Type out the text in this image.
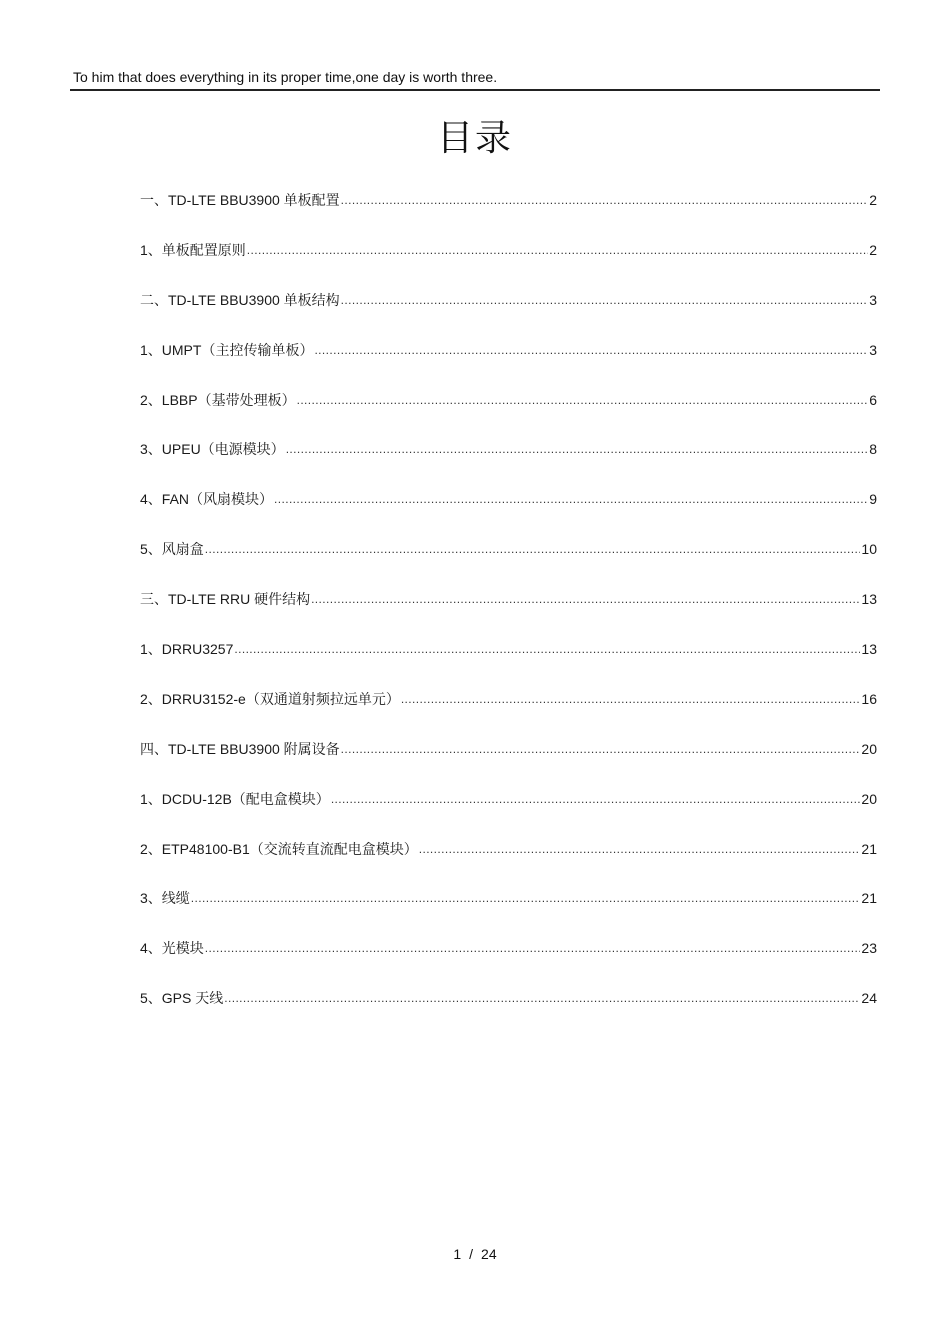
To him that does everything in its proper time,one day is worth three.
目录
一、TD-LTE BBU3900 单板配置 .....	2
1、单板配置原则 .....	2
二、TD-LTE BBU3900 单板结构 .....	3
1、UMPT（主控传输单板） .....	3
2、LBBP（基带处理板） .....	6
3、UPEU（电源模块） .....	8
4、FAN（风扇模块） .....	9
5、风扇盒 .....	10
三、TD-LTE RRU 硬件结构 .....	13
1、DRRU3257 .....	13
2、DRRU3152-e（双通道射频拉远单元） .....	16
四、TD-LTE BBU3900 附属设备 .....	20
1、DCDU-12B（配电盒模块） .....	20
2、ETP48100-B1（交流转直流配电盒模块） .....	21
3、线缆 .....	21
4、光模块 .....	23
5、GPS 天线 .....	24
1 / 24
